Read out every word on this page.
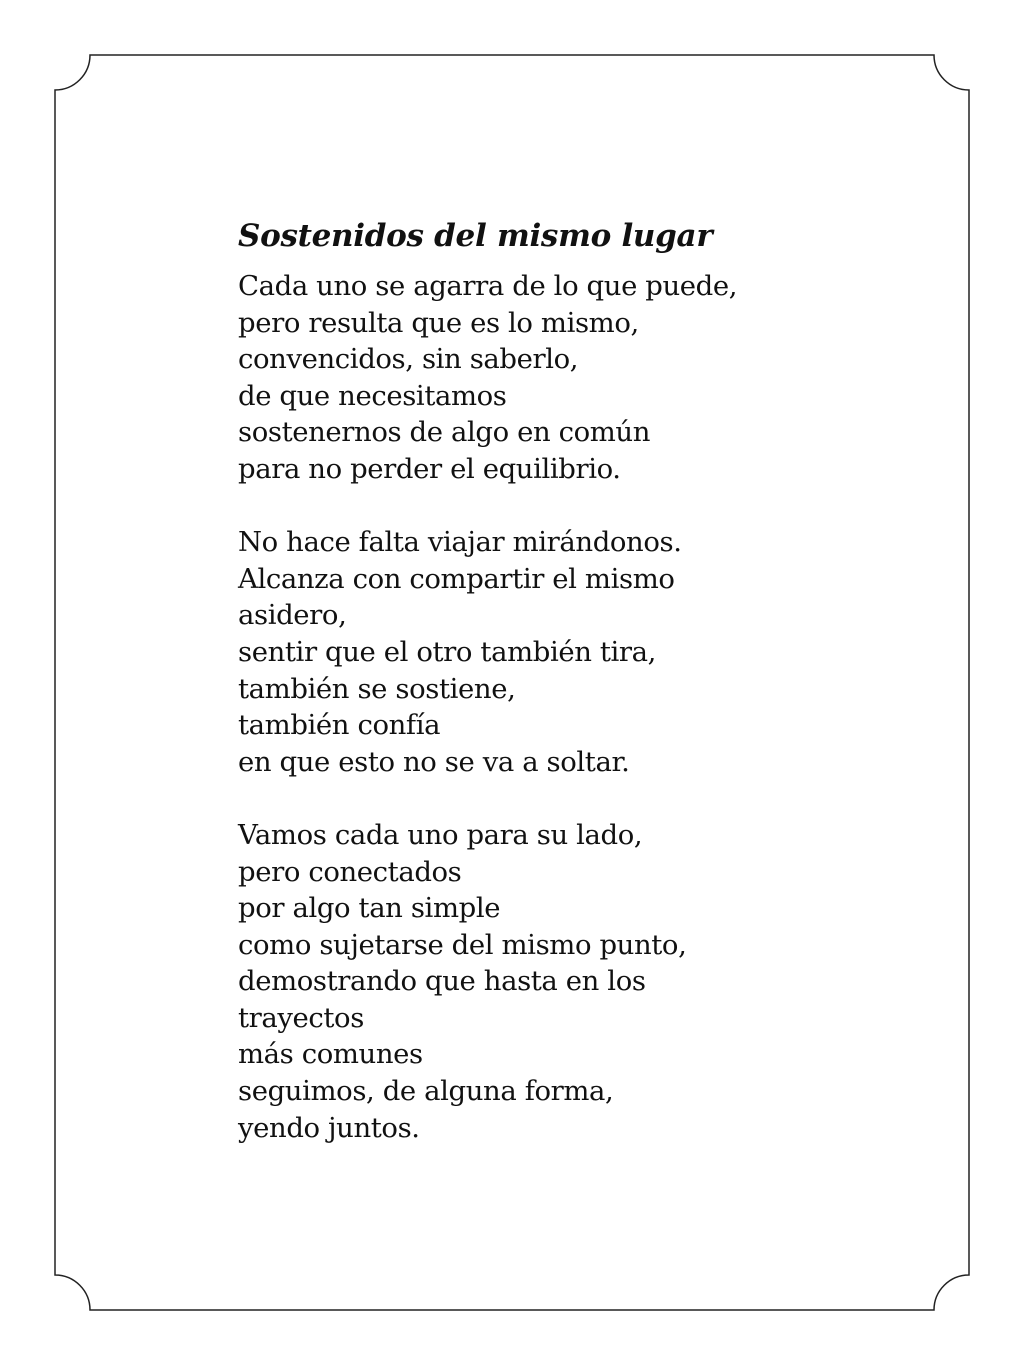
Sostenidos del mismo lugar
Cada uno se agarra de lo que puede,
pero resulta que es lo mismo,
convencidos, sin saberlo,
de que necesitamos
sostenernos de algo en común
para no perder el equilibrio.
No hace falta viajar mirándonos.
Alcanza con compartir el mismo
asidero,
sentir que el otro también tira,
también se sostiene,
también confía
en que esto no se va a soltar.
Vamos cada uno para su lado,
pero conectados
por algo tan simple
como sujetarse del mismo punto,
demostrando que hasta en los
trayectos
más comunes
seguimos, de alguna forma,
yendo juntos.
